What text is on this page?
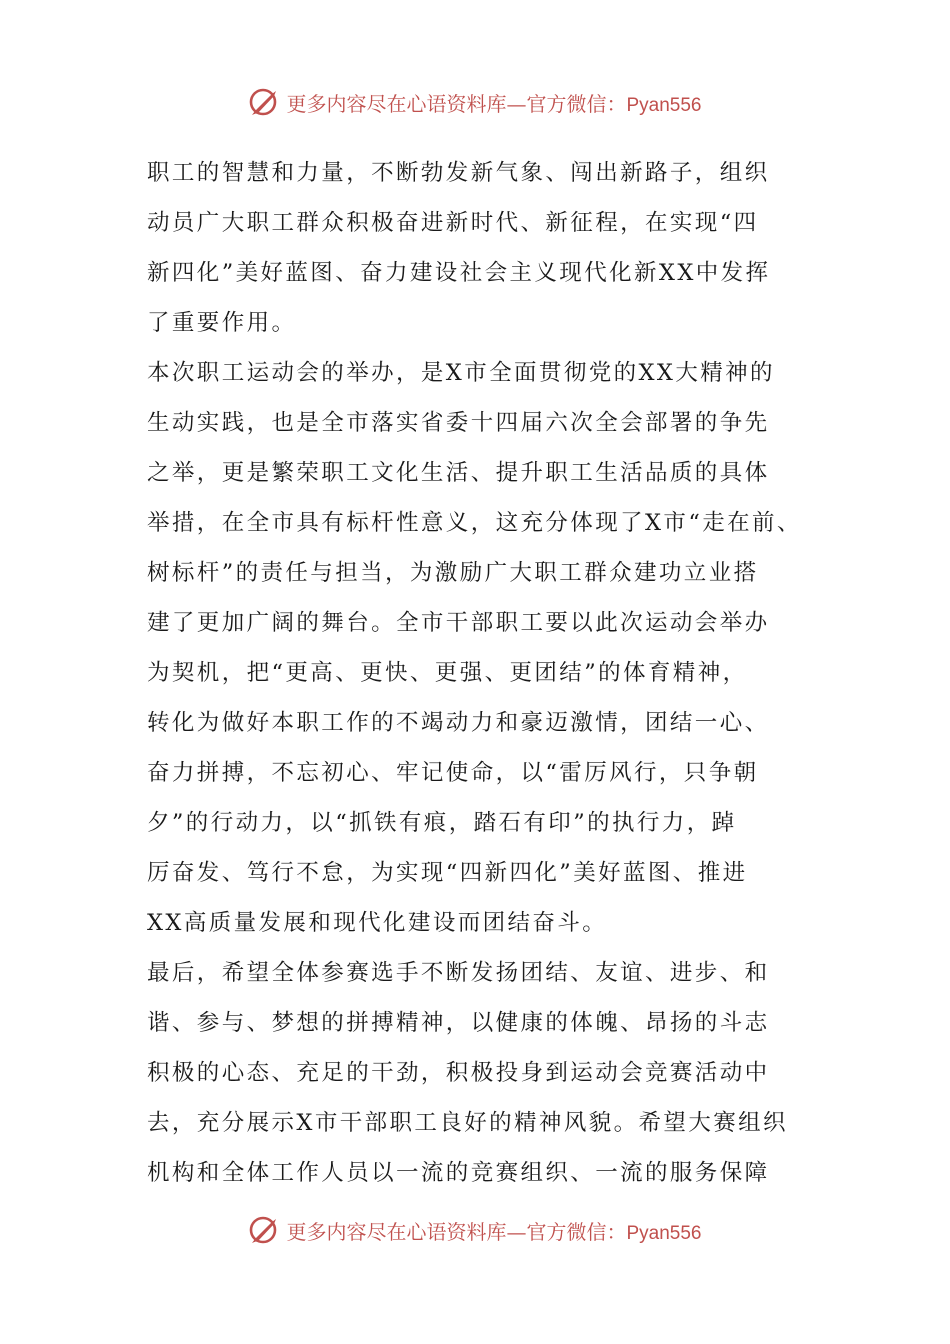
更多内容尽在心语资料库—官方微信：Pyan556
职工的智慧和力量，不断勃发新气象、闯出新路子，组织
动员广大职工群众积极奋进新时代、新征程，在实现“四
新四化”美好蓝图、奋力建设社会主义现代化新XX中发挥
了重要作用。
本次职工运动会的举办，是X市全面贯彻党的XX大精神的
生动实践，也是全市落实省委十四届六次全会部署的争先
之举，更是繁荣职工文化生活、提升职工生活品质的具体
举措，在全市具有标杆性意义，这充分体现了X市“走在前、
树标杆”的责任与担当，为激励广大职工群众建功立业搭
建了更加广阔的舞台。全市干部职工要以此次运动会举办
为契机，把“更高、更快、更强、更团结”的体育精神，
转化为做好本职工作的不竭动力和豪迈激情，团结一心、
奋力拼搏，不忘初心、牢记使命，以“雷厉风行，只争朝
夕”的行动力，以“抓铁有痕，踏石有印”的执行力，踔
厉奋发、笃行不怠，为实现“四新四化”美好蓝图、推进
XX高质量发展和现代化建设而团结奋斗。
最后，希望全体参赛选手不断发扬团结、友谊、进步、和
谐、参与、梦想的拼搏精神，以健康的体魄、昂扬的斗志
积极的心态、充足的干劲，积极投身到运动会竞赛活动中
去，充分展示X市干部职工良好的精神风貌。希望大赛组织
机构和全体工作人员以一流的竞赛组织、一流的服务保障
更多内容尽在心语资料库—官方微信：Pyan556
